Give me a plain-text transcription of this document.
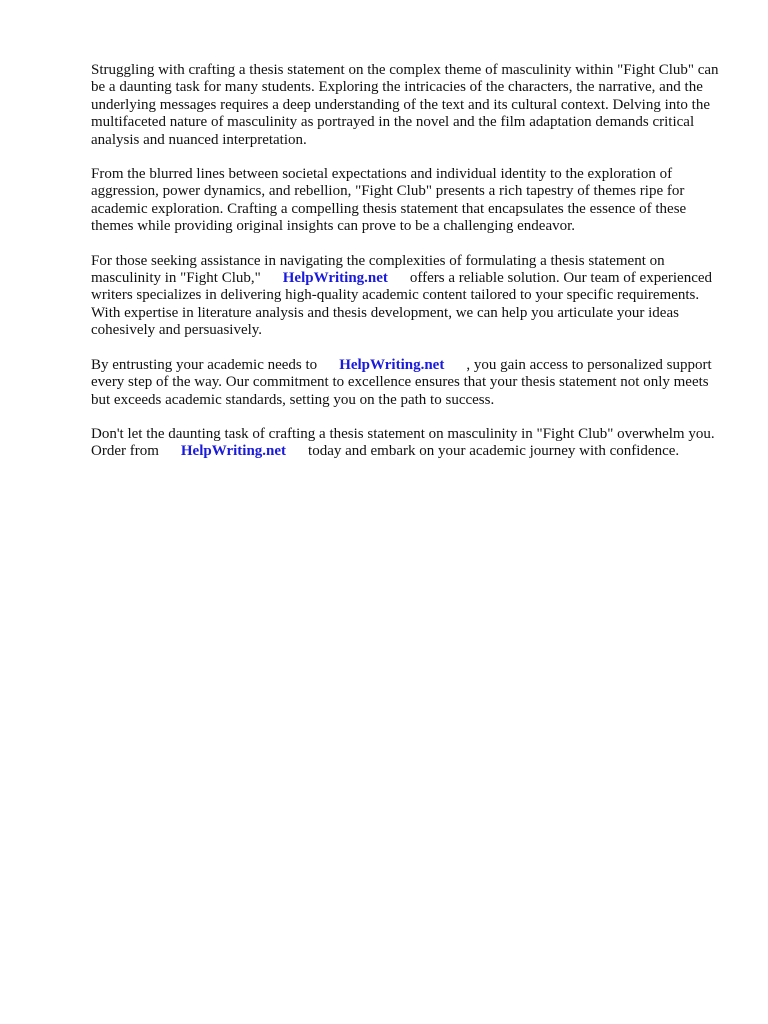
Struggling with crafting a thesis statement on the complex theme of masculinity within "Fight Club" can be a daunting task for many students. Exploring the intricacies of the characters, the narrative, and the underlying messages requires a deep understanding of the text and its cultural context. Delving into the multifaceted nature of masculinity as portrayed in the novel and the film adaptation demands critical analysis and nuanced interpretation.

From the blurred lines between societal expectations and individual identity to the exploration of aggression, power dynamics, and rebellion, "Fight Club" presents a rich tapestry of themes ripe for academic exploration. Crafting a compelling thesis statement that encapsulates the essence of these themes while providing original insights can prove to be a challenging endeavor.

For those seeking assistance in navigating the complexities of formulating a thesis statement on masculinity in "Fight Club," HelpWriting.net offers a reliable solution. Our team of experienced writers specializes in delivering high-quality academic content tailored to your specific requirements. With expertise in literature analysis and thesis development, we can help you articulate your ideas cohesively and persuasively.

By entrusting your academic needs to HelpWriting.net , you gain access to personalized support every step of the way. Our commitment to excellence ensures that your thesis statement not only meets but exceeds academic standards, setting you on the path to success.

Don't let the daunting task of crafting a thesis statement on masculinity in "Fight Club" overwhelm you. Order from HelpWriting.net today and embark on your academic journey with confidence.
